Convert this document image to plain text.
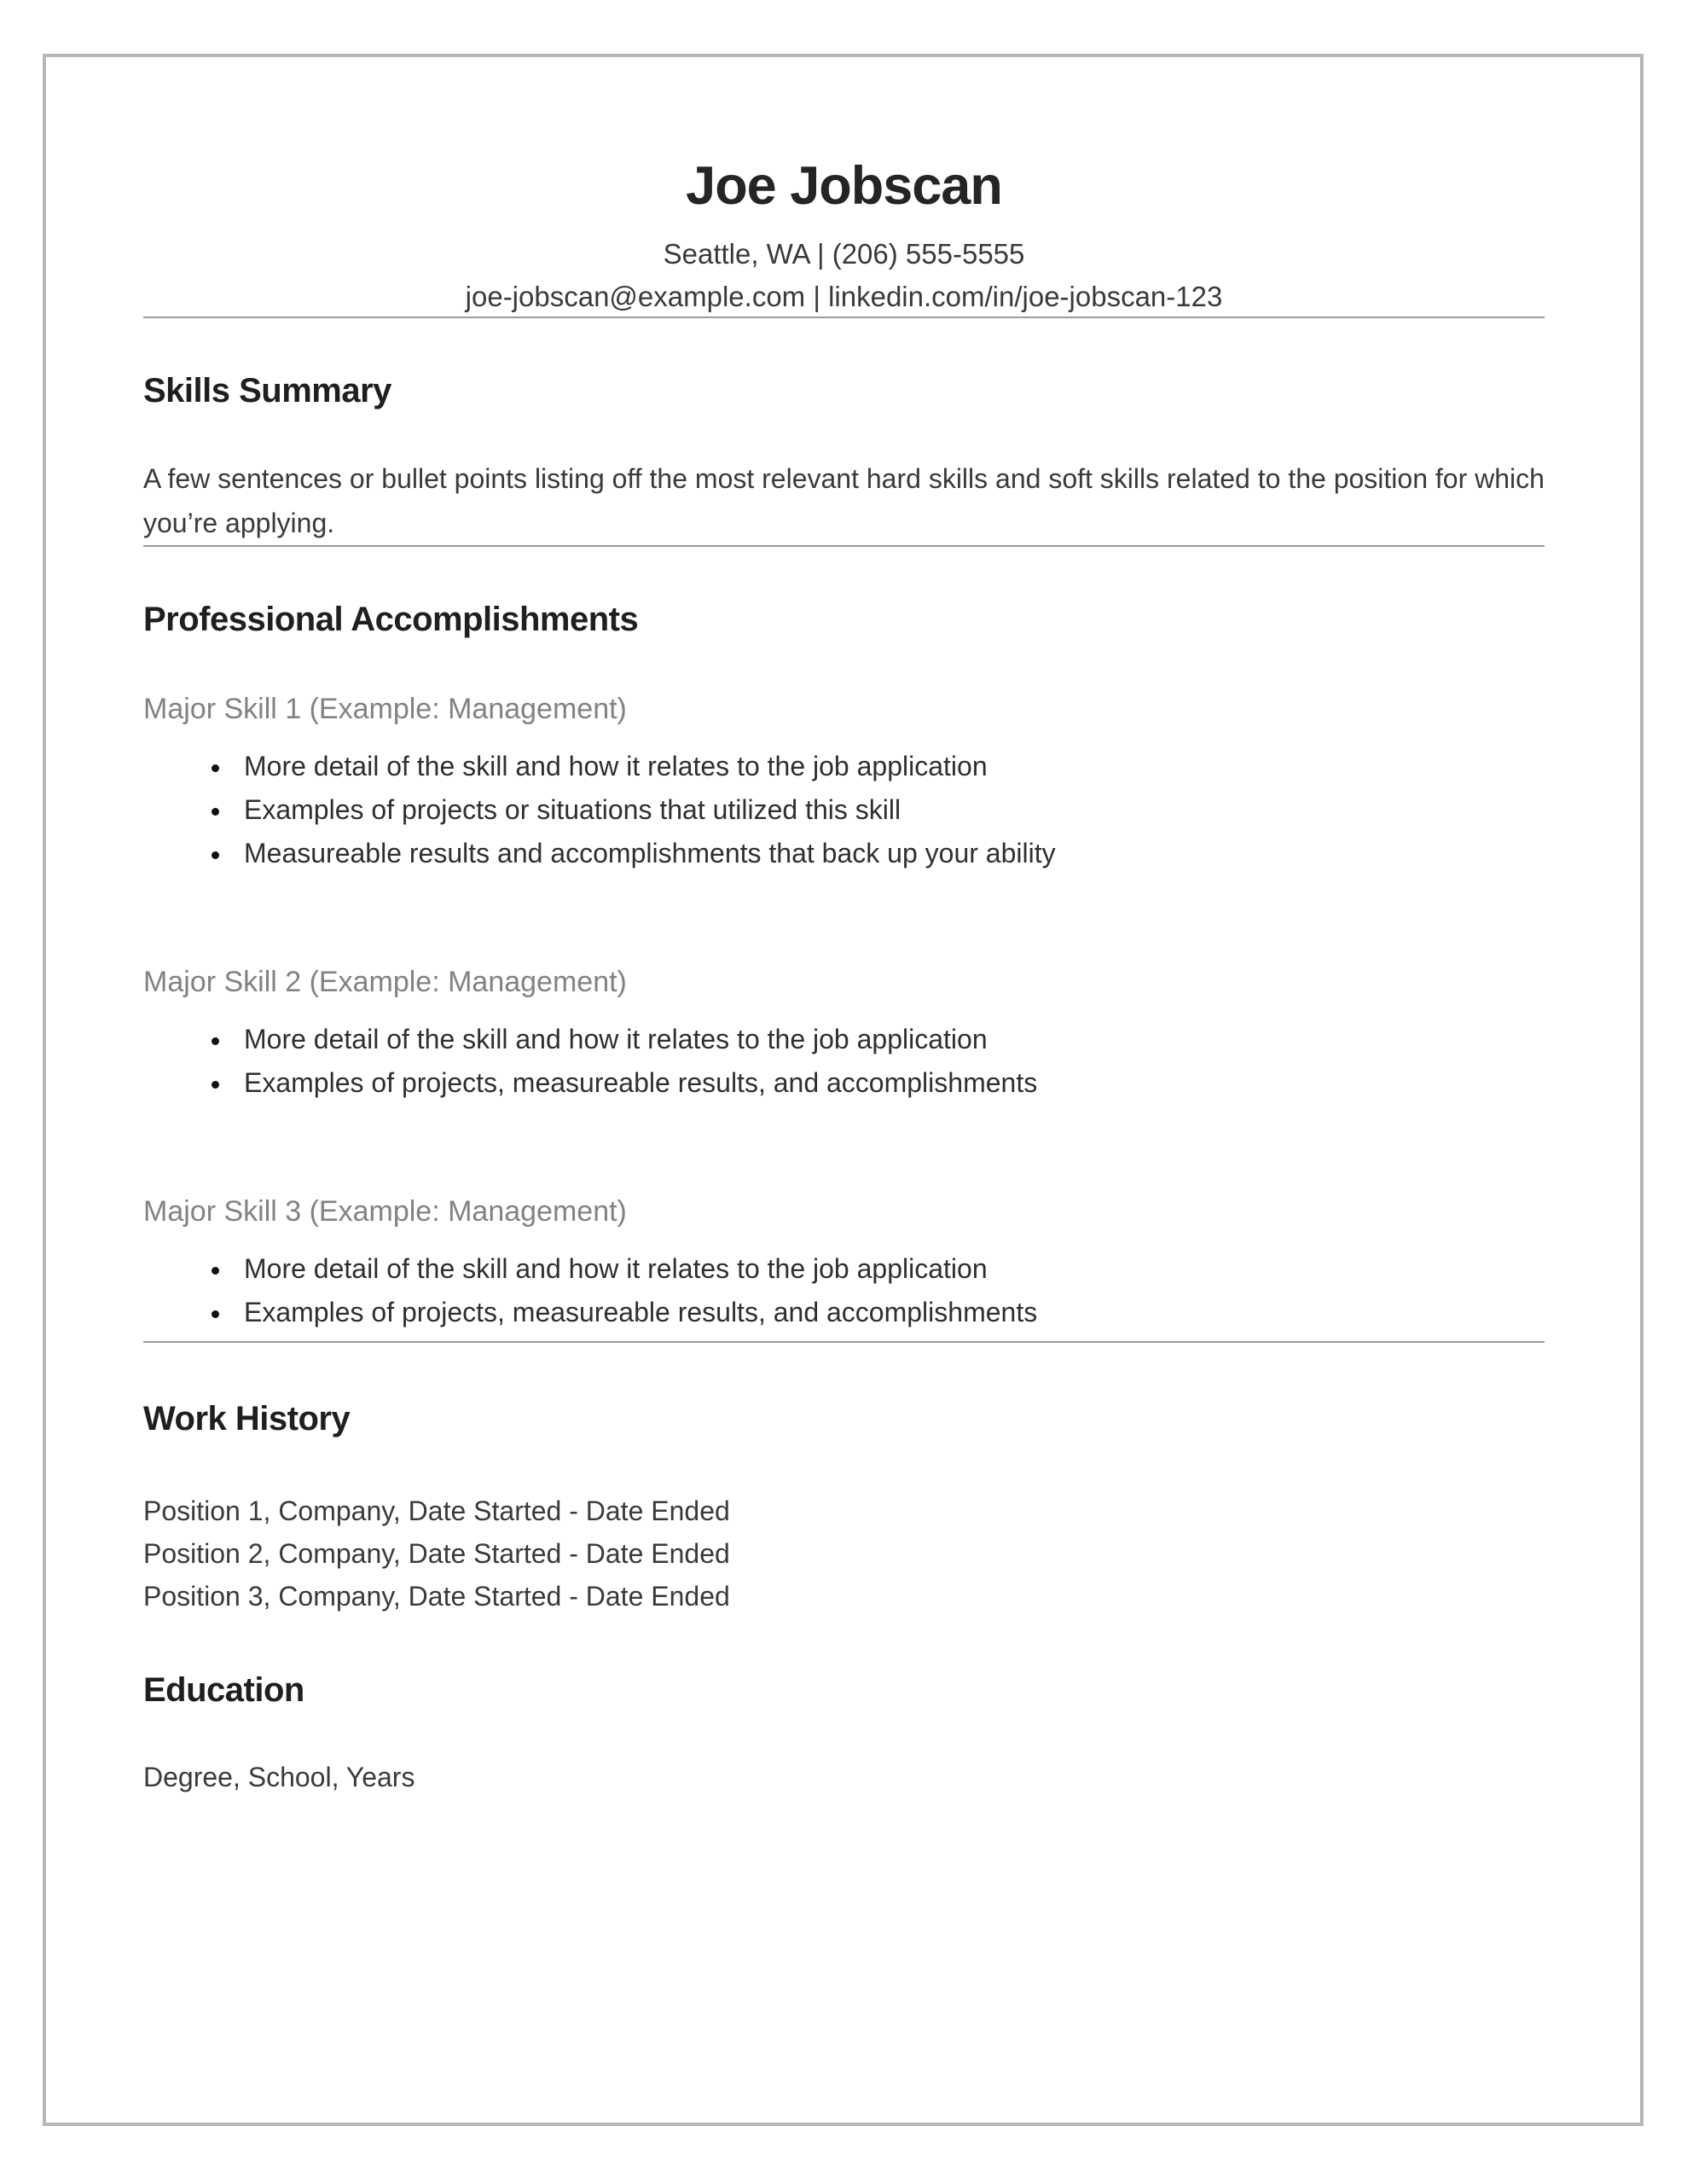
Joe Jobscan
Seattle, WA | (206) 555-5555
joe-jobscan@example.com | linkedin.com/in/joe-jobscan-123
Skills Summary

A few sentences or bullet points listing off the most relevant hard skills and soft skills related to the position for which you’re applying.

Professional Accomplishments
Major Skill 1 (Example: Management)
• More detail of the skill and how it relates to the job application
• Examples of projects or situations that utilized this skill
• Measureable results and accomplishments that back up your ability
Major Skill 2 (Example: Management)
• More detail of the skill and how it relates to the job application
• Examples of projects, measureable results, and accomplishments
Major Skill 3 (Example: Management)
• More detail of the skill and how it relates to the job application
• Examples of projects, measureable results, and accomplishments
Work History
Position 1, Company, Date Started - Date Ended
Position 2, Company, Date Started - Date Ended
Position 3, Company, Date Started - Date Ended
Education
Degree, School, Years
